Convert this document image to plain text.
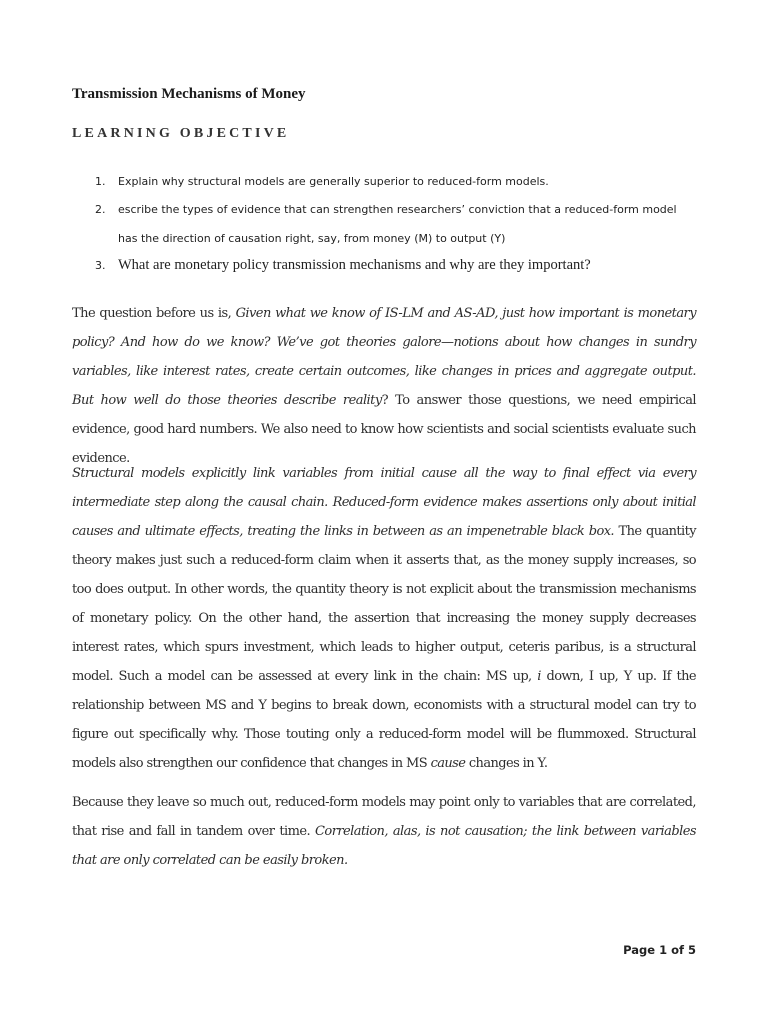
Transmission Mechanisms of Money
LEARNING OBJECTIVE
1. Explain why structural models are generally superior to reduced-form models.
2. escribe the types of evidence that can strengthen researchers’ conviction that a reduced-form model
has the direction of causation right, say, from money (M) to output (Y)
3. What are monetary policy transmission mechanisms and why are they important?
The question before us is, Given what we know of IS-LM and AS-AD, just how important is monetary policy? And how do we know? We’ve got theories galore—notions about how changes in sundry variables, like interest rates, create certain outcomes, like changes in prices and aggregate output. But how well do those theories describe reality? To answer those questions, we need empirical evidence, good hard numbers. We also need to know how scientists and social scientists evaluate such evidence.
Structural models explicitly link variables from initial cause all the way to final effect via every intermediate step along the causal chain. Reduced-form evidence makes assertions only about initial causes and ultimate effects, treating the links in between as an impenetrable black box. The quantity theory makes just such a reduced-form claim when it asserts that, as the money supply increases, so too does output. In other words, the quantity theory is not explicit about the transmission mechanisms of monetary policy. On the other hand, the assertion that increasing the money supply decreases interest rates, which spurs investment, which leads to higher output, ceteris paribus, is a structural model. Such a model can be assessed at every link in the chain: MS up, i down, I up, Y up. If the relationship between MS and Y begins to break down, economists with a structural model can try to figure out specifically why. Those touting only a reduced-form model will be flummoxed. Structural models also strengthen our confidence that changes in MS cause changes in Y.
Because they leave so much out, reduced-form models may point only to variables that are correlated, that rise and fall in tandem over time. Correlation, alas, is not causation; the link between variables that are only correlated can be easily broken.
Page 1 of 5
